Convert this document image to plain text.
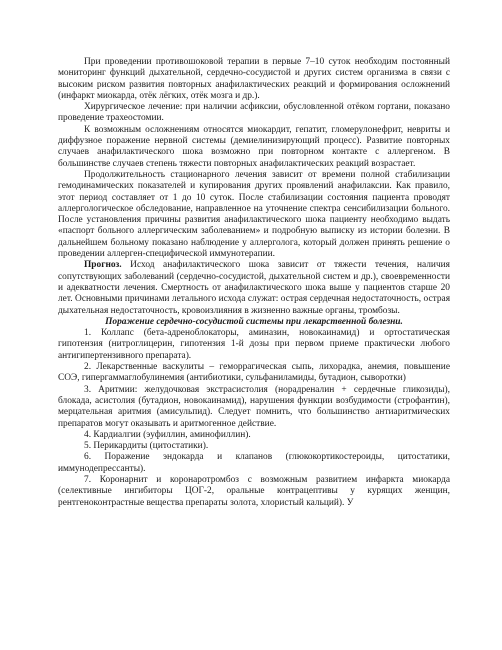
При проведении противошоковой терапии в первые 7–10 суток необходим постоянный мониторинг функций дыхательной, сердечно-сосудистой и других систем организма в связи с высоким риском развития повторных анафилактических реакций и формирования осложнений (инфаркт миокарда, отёк лёгких, отёк мозга и др.).

Хирургическое лечение: при наличии асфиксии, обусловленной отёком гортани, показано проведение трахеостомии.

К возможным осложнениям относятся миокардит, гепатит, гломерулонефрит, невриты и диффузное поражение нервной системы (демиелинизирующий процесс). Развитие повторных случаев анафилактического шока возможно при повторном контакте с аллергеном. В большинстве случаев степень тяжести повторных анафилактических реакций возрастает.

Продолжительность стационарного лечения зависит от времени полной стабилизации гемодинамических показателей и купирования других проявлений анафилаксии. Как правило, этот период составляет от 1 до 10 суток. После стабилизации состояния пациента проводят аллергологическое обследование, направленное на уточнение спектра сенсибилизации больного. После установления причины развития анафилактического шока пациенту необходимо выдать «паспорт больного аллергическим заболеванием» и подробную выписку из истории болезни. В дальнейшем больному показано наблюдение у аллерголога, который должен принять решение о проведении аллерген-специфической иммунотерапии.

Прогноз. Исход анафилактического шока зависит от тяжести течения, наличия сопутствующих заболеваний (сердечно-сосудистой, дыхательной систем и др.), своевременности и адекватности лечения. Смертность от анафилактического шока выше у пациентов старше 20 лет. Основными причинами летального исхода служат: острая сердечная недостаточность, острая дыхательная недостаточность, кровоизлияния в жизненно важные органы, тромбозы.

Поражение сердечно-сосудистой системы при лекарственной болезни.

1. Коллапс (бета-адреноблокаторы, аминазин, новокаинамид) и ортостатическая гипотензия (нитроглицерин, гипотензия 1-й дозы при первом приеме практически любого антигипертензивного препарата).

2. Лекарственные васкулиты – геморрагическая сыпь, лихорадка, анемия, повышение СОЭ, гипергаммаглобулинемия (антибиотики, сульфаниламиды, бутадион, сыворотки)

3. Аритмии: желудочковая экстрасистолия (норадреналин + сердечные гликозиды), блокада, асистолия (бутадион, новокаинамид), нарушения функции возбудимости (строфантин), мерцательная аритмия (амисульпид). Следует помнить, что большинство антиаритмических препаратов могут оказывать и аритмогенное действие.

4. Кардиалгии (эуфиллин, аминофиллин).

5. Перикардиты (цитостатики).

6. Поражение эндокарда и клапанов (глюкокортикостероиды, цитостатики, иммунодепрессанты).

7. Коронарнит и коронаротромбоз с возможным развитием инфаркта миокарда (селективные ингибиторы ЦОГ-2, оральные контрацептивы у курящих женщин, рентгеноконтрастные вещества препараты золота, хлористый кальций). У
